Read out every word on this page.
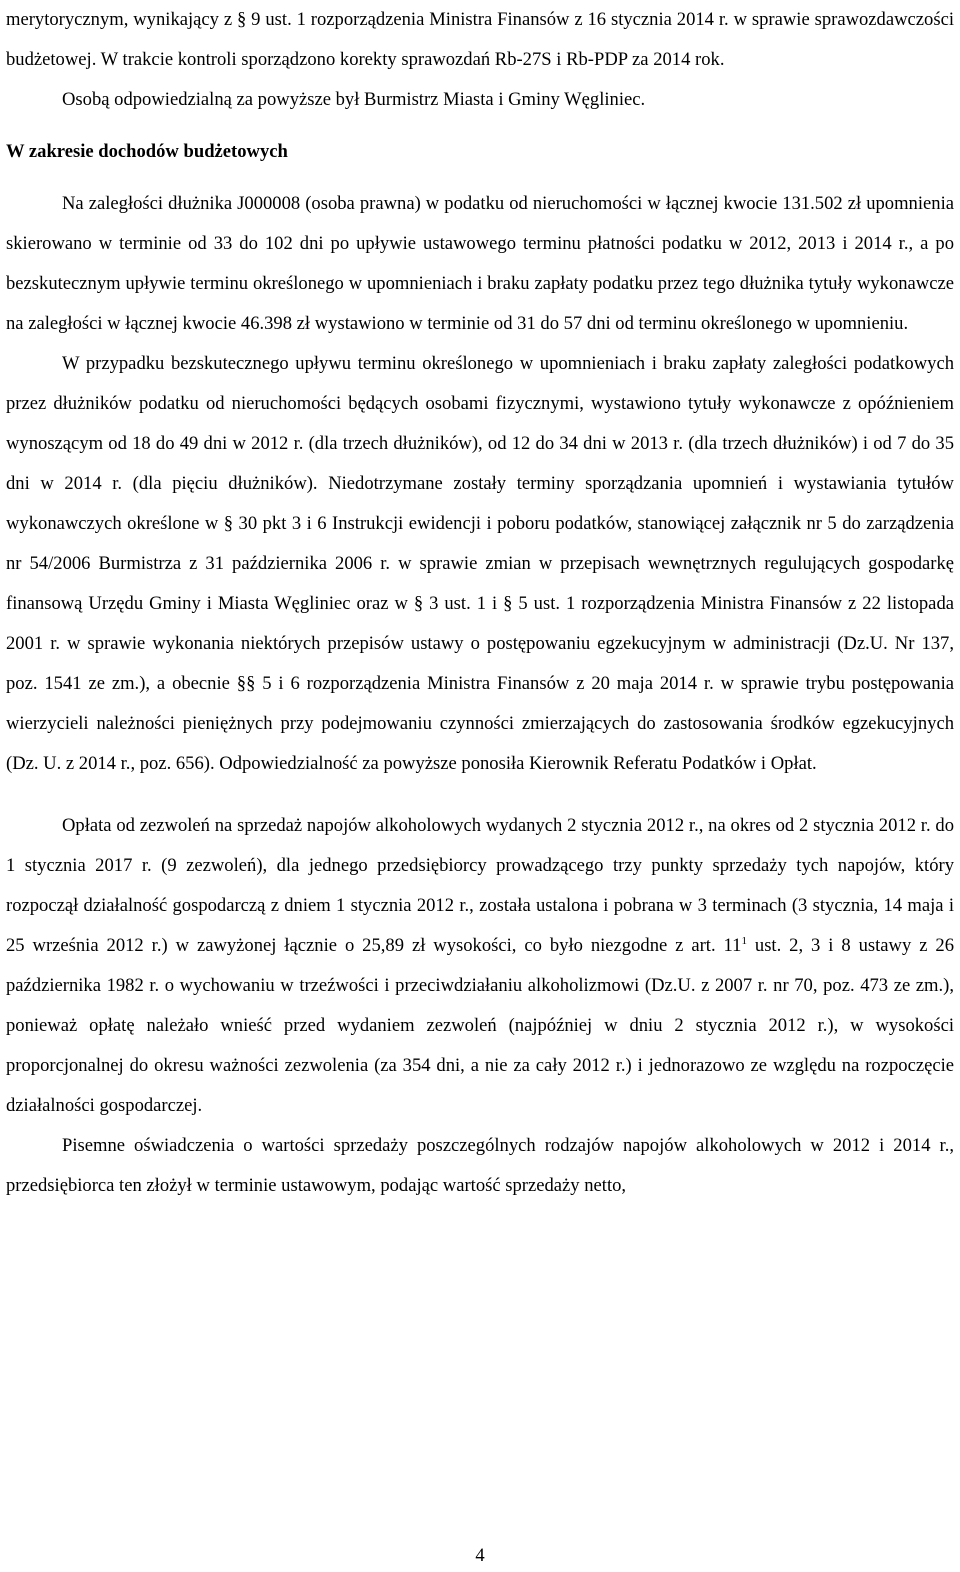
merytorycznym, wynikający z § 9 ust. 1 rozporządzenia Ministra Finansów z 16 stycznia 2014 r. w sprawie sprawozdawczości budżetowej. W trakcie kontroli sporządzono korekty sprawozdań Rb-27S i Rb-PDP za 2014 rok.

Osobą odpowiedzialną za powyższe był Burmistrz Miasta i Gminy Węgliniec.

W zakresie dochodów budżetowych

Na zaległości dłużnika J000008 (osoba prawna) w podatku od nieruchomości w łącznej kwocie 131.502 zł upomnienia skierowano w terminie od 33 do 102 dni po upływie ustawowego terminu płatności podatku w 2012, 2013 i 2014 r., a po bezskutecznym upływie terminu określonego w upomnieniach i braku zapłaty podatku przez tego dłużnika tytuły wykonawcze na zaległości w łącznej kwocie 46.398 zł wystawiono w terminie od 31 do 57 dni od terminu określonego w upomnieniu.

W przypadku bezskutecznego upływu terminu określonego w upomnieniach i braku zapłaty zaległości podatkowych przez dłużników podatku od nieruchomości będących osobami fizycznymi, wystawiono tytuły wykonawcze z opóźnieniem wynoszącym od 18 do 49 dni w 2012 r. (dla trzech dłużników), od 12 do 34 dni w 2013 r. (dla trzech dłużników) i od 7 do 35 dni w 2014 r. (dla pięciu dłużników). Niedotrzymane zostały terminy sporządzania upomnień i wystawiania tytułów wykonawczych określone w § 30 pkt 3 i 6 Instrukcji ewidencji i poboru podatków, stanowiącej załącznik nr 5 do zarządzenia nr 54/2006 Burmistrza z 31 października 2006 r. w sprawie zmian w przepisach wewnętrznych regulujących gospodarkę finansową Urzędu Gminy i Miasta Węgliniec oraz w § 3 ust. 1 i § 5 ust. 1 rozporządzenia Ministra Finansów z 22 listopada 2001 r. w sprawie wykonania niektórych przepisów ustawy o postępowaniu egzekucyjnym w administracji (Dz.U. Nr 137, poz. 1541 ze zm.), a obecnie §§ 5 i 6 rozporządzenia Ministra Finansów z 20 maja 2014 r. w sprawie trybu postępowania wierzycieli należności pieniężnych przy podejmowaniu czynności zmierzających do zastosowania środków egzekucyjnych (Dz. U. z 2014 r., poz. 656). Odpowiedzialność za powyższe ponosiła Kierownik Referatu Podatków i Opłat.

Opłata od zezwoleń na sprzedaż napojów alkoholowych wydanych 2 stycznia 2012 r., na okres od 2 stycznia 2012 r. do 1 stycznia 2017 r. (9 zezwoleń), dla jednego przedsiębiorcy prowadzącego trzy punkty sprzedaży tych napojów, który rozpoczął działalność gospodarczą z dniem 1 stycznia 2012 r., została ustalona i pobrana w 3 terminach (3 stycznia, 14 maja i 25 września 2012 r.) w zawyżonej łącznie o 25,89 zł wysokości, co było niezgodne z art. $11^1$ ust. 2, 3 i 8 ustawy z 26 października 1982 r. o wychowaniu w trzeźwości i przeciwdziałaniu alkoholizmowi (Dz.U. z 2007 r. nr 70, poz. 473 ze zm.), ponieważ opłatę należało wnieść przed wydaniem zezwoleń (najpóźniej w dniu 2 stycznia 2012 r.), w wysokości proporcjonalnej do okresu ważności zezwolenia (za 354 dni, a nie za cały 2012 r.) i jednorazowo ze względu na rozpoczęcie działalności gospodarczej.

Pisemne oświadczenia o wartości sprzedaży poszczególnych rodzajów napojów alkoholowych w 2012 i 2014 r., przedsiębiorca ten złożył w terminie ustawowym, podając wartość sprzedaży netto,

4
